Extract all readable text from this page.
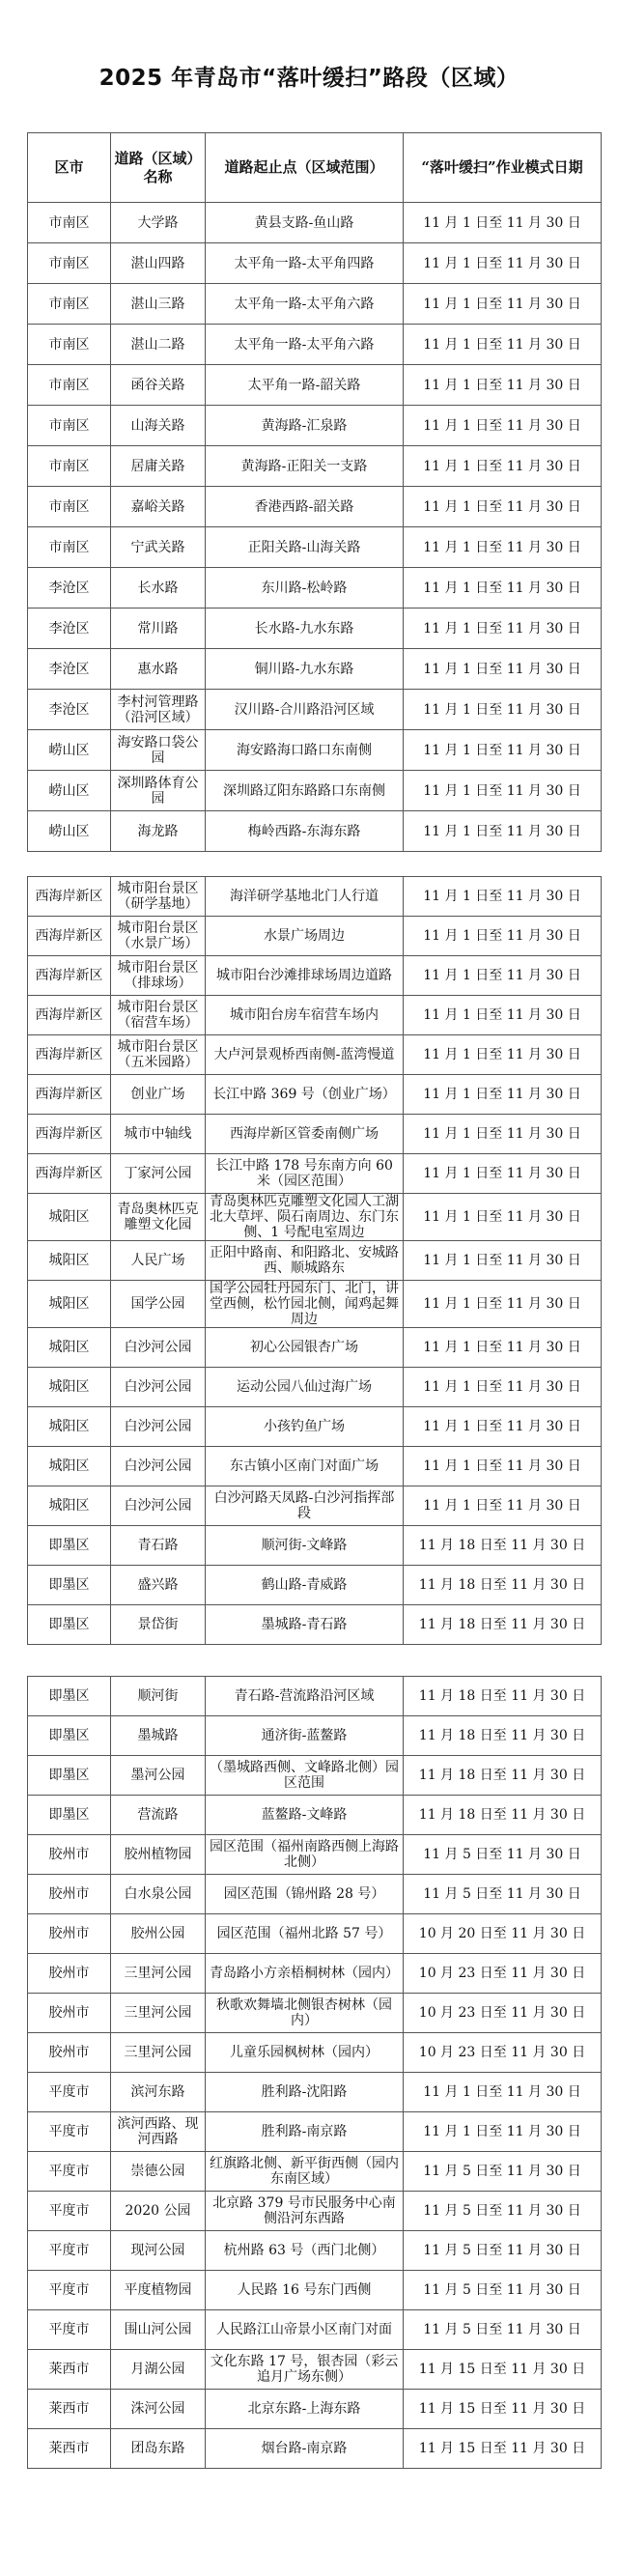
2025 年青岛市“落叶缓扫”路段（区域）
区市	道路（区域）名称	道路起止点（区域范围）	“落叶缓扫”作业模式日期
市南区	大学路	黄县支路-鱼山路	11 月 1 日至 11 月 30 日
市南区	湛山四路	太平角一路-太平角四路	11 月 1 日至 11 月 30 日
市南区	湛山三路	太平角一路-太平角六路	11 月 1 日至 11 月 30 日
市南区	湛山二路	太平角一路-太平角六路	11 月 1 日至 11 月 30 日
市南区	函谷关路	太平角一路-韶关路	11 月 1 日至 11 月 30 日
市南区	山海关路	黄海路-汇泉路	11 月 1 日至 11 月 30 日
市南区	居庸关路	黄海路-正阳关一支路	11 月 1 日至 11 月 30 日
市南区	嘉峪关路	香港西路-韶关路	11 月 1 日至 11 月 30 日
市南区	宁武关路	正阳关路-山海关路	11 月 1 日至 11 月 30 日
李沧区	长水路	东川路-松岭路	11 月 1 日至 11 月 30 日
李沧区	常川路	长水路-九水东路	11 月 1 日至 11 月 30 日
李沧区	惠水路	铜川路-九水东路	11 月 1 日至 11 月 30 日
李沧区	李村河管理路（沿河区域）	汉川路-合川路沿河区域	11 月 1 日至 11 月 30 日
崂山区	海安路口袋公园	海安路海口路口东南侧	11 月 1 日至 11 月 30 日
崂山区	深圳路体育公园	深圳路辽阳东路路口东南侧	11 月 1 日至 11 月 30 日
崂山区	海龙路	梅岭西路-东海东路	11 月 1 日至 11 月 30 日
西海岸新区	城市阳台景区（研学基地）	海洋研学基地北门人行道	11 月 1 日至 11 月 30 日
西海岸新区	城市阳台景区（水景广场）	水景广场周边	11 月 1 日至 11 月 30 日
西海岸新区	城市阳台景区（排球场）	城市阳台沙滩排球场周边道路	11 月 1 日至 11 月 30 日
西海岸新区	城市阳台景区（宿营车场）	城市阳台房车宿营车场内	11 月 1 日至 11 月 30 日
西海岸新区	城市阳台景区（五米园路）	大卢河景观桥西南侧-蓝湾慢道	11 月 1 日至 11 月 30 日
西海岸新区	创业广场	长江中路 369 号（创业广场）	11 月 1 日至 11 月 30 日
西海岸新区	城市中轴线	西海岸新区管委南侧广场	11 月 1 日至 11 月 30 日
西海岸新区	丁家河公园	长江中路 178 号东南方向 60 米（园区范围）	11 月 1 日至 11 月 30 日
城阳区	青岛奥林匹克雕塑文化园	青岛奥林匹克雕塑文化园人工湖北大草坪、陨石南周边、东门东侧、1 号配电室周边	11 月 1 日至 11 月 30 日
城阳区	人民广场	正阳中路南、和阳路北、安城路西、顺城路东	11 月 1 日至 11 月 30 日
城阳区	国学公园	国学公园牡丹园东门、北门，讲堂西侧，松竹园北侧，闻鸡起舞周边	11 月 1 日至 11 月 30 日
城阳区	白沙河公园	初心公园银杏广场	11 月 1 日至 11 月 30 日
城阳区	白沙河公园	运动公园八仙过海广场	11 月 1 日至 11 月 30 日
城阳区	白沙河公园	小孩钓鱼广场	11 月 1 日至 11 月 30 日
城阳区	白沙河公园	东古镇小区南门对面广场	11 月 1 日至 11 月 30 日
城阳区	白沙河公园	白沙河路天凤路-白沙河指挥部段	11 月 1 日至 11 月 30 日
即墨区	青石路	顺河街-文峰路	11 月 18 日至 11 月 30 日
即墨区	盛兴路	鹤山路-青威路	11 月 18 日至 11 月 30 日
即墨区	景岱街	墨城路-青石路	11 月 18 日至 11 月 30 日
即墨区	顺河街	青石路-营流路沿河区域	11 月 18 日至 11 月 30 日
即墨区	墨城路	通济街-蓝鳌路	11 月 18 日至 11 月 30 日
即墨区	墨河公园	（墨城路西侧、文峰路北侧）园区范围	11 月 18 日至 11 月 30 日
即墨区	营流路	蓝鳌路-文峰路	11 月 18 日至 11 月 30 日
胶州市	胶州植物园	园区范围（福州南路西侧上海路北侧）	11 月 5 日至 11 月 30 日
胶州市	白水泉公园	园区范围（锦州路 28 号）	11 月 5 日至 11 月 30 日
胶州市	胶州公园	园区范围（福州北路 57 号）	10 月 20 日至 11 月 30 日
胶州市	三里河公园	青岛路小方亲梧桐树林（园内）	10 月 23 日至 11 月 30 日
胶州市	三里河公园	秋歌欢舞墙北侧银杏树林（园内）	10 月 23 日至 11 月 30 日
胶州市	三里河公园	儿童乐园枫树林（园内）	10 月 23 日至 11 月 30 日
平度市	滨河东路	胜利路-沈阳路	11 月 1 日至 11 月 30 日
平度市	滨河西路、现河西路	胜利路-南京路	11 月 1 日至 11 月 30 日
平度市	崇德公园	红旗路北侧、新平街西侧（园内东南区域）	11 月 5 日至 11 月 30 日
平度市	2020 公园	北京路 379 号市民服务中心南侧沿河东西路	11 月 5 日至 11 月 30 日
平度市	现河公园	杭州路 63 号（西门北侧）	11 月 5 日至 11 月 30 日
平度市	平度植物园	人民路 16 号东门西侧	11 月 5 日至 11 月 30 日
平度市	围山河公园	人民路江山帝景小区南门对面	11 月 5 日至 11 月 30 日
莱西市	月湖公园	文化东路 17 号，银杏园（彩云追月广场东侧）	11 月 15 日至 11 月 30 日
莱西市	洙河公园	北京东路-上海东路	11 月 15 日至 11 月 30 日
莱西市	团岛东路	烟台路-南京路	11 月 15 日至 11 月 30 日
